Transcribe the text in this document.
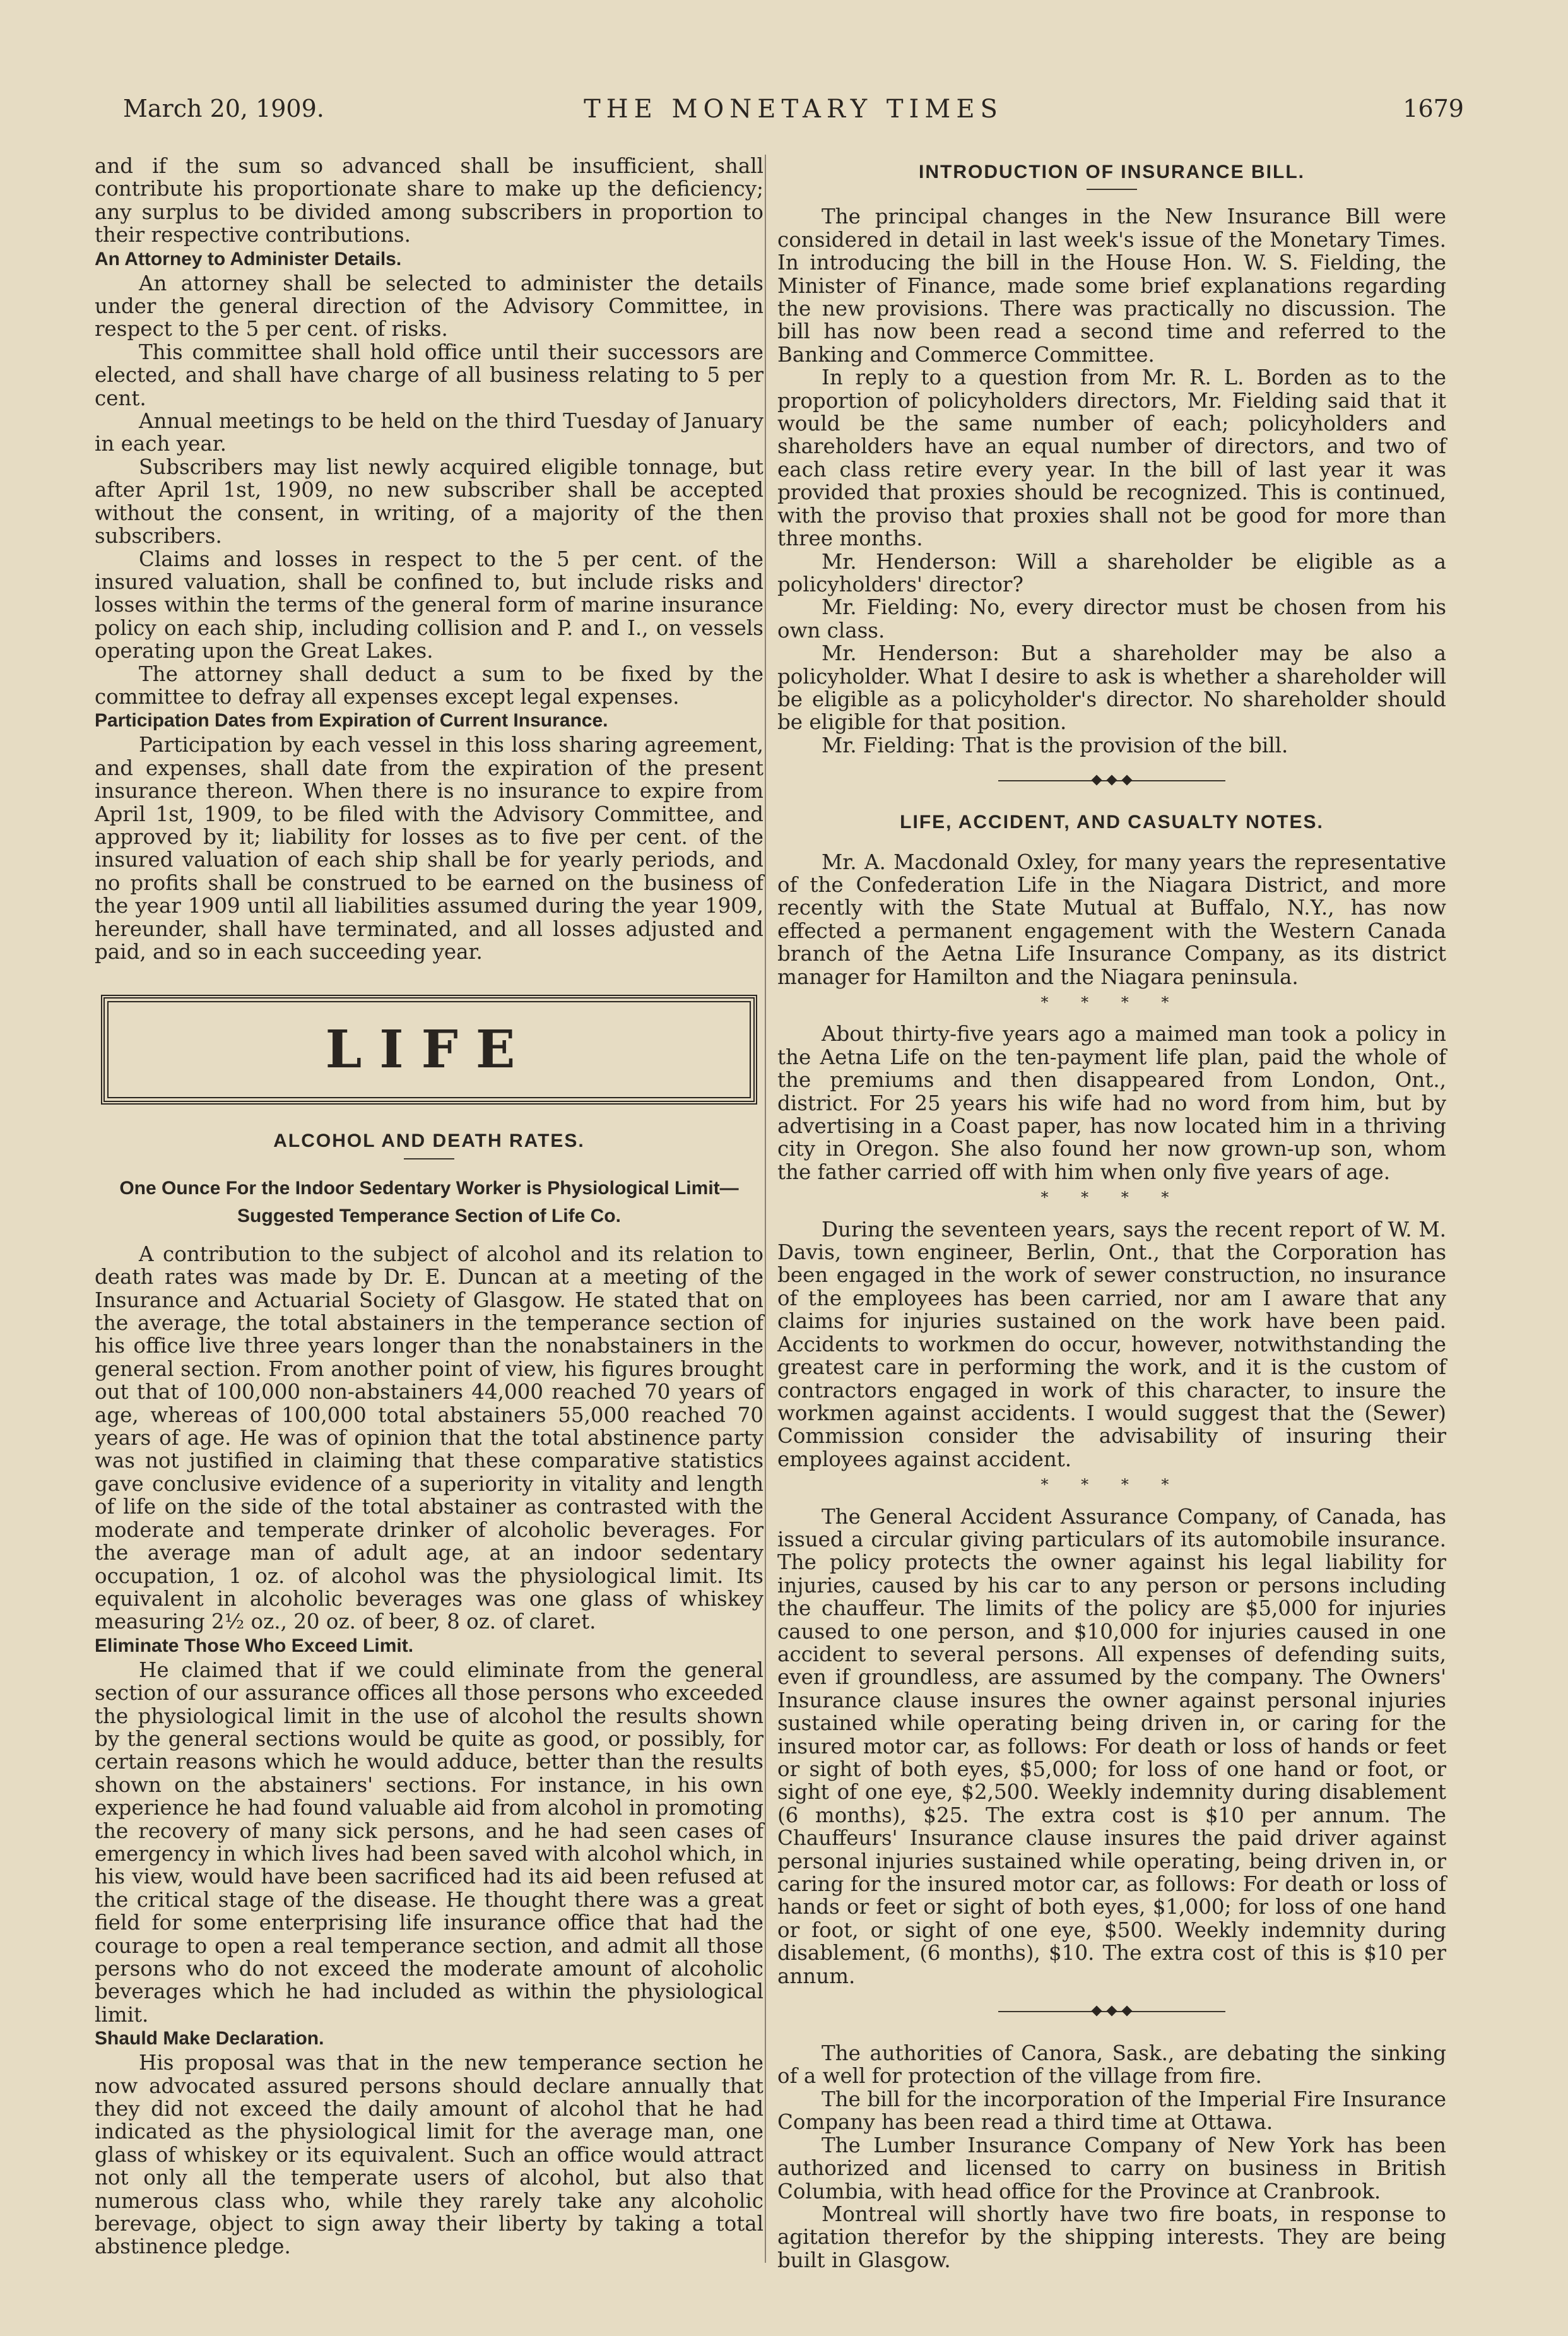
March 20, 1909.	THE MONETARY TIMES	1679

and if the sum so advanced shall be insufficient, shall contribute his proportionate share to make up the deficiency; any surplus to be divided among subscribers in proportion to their respective contributions.

An Attorney to Administer Details.

An attorney shall be selected to administer the details under the general direction of the Advisory Committee, in respect to the 5 per cent. of risks.

This committee shall hold office until their successors are elected, and shall have charge of all business relating to 5 per cent.

Annual meetings to be held on the third Tuesday of January in each year.

Subscribers may list newly acquired eligible tonnage, but after April 1st, 1909, no new subscriber shall be accepted without the consent, in writing, of a majority of the then subscribers.

Claims and losses in respect to the 5 per cent. of the insured valuation, shall be confined to, but include risks and losses within the terms of the general form of marine insurance policy on each ship, including collision and P. and I., on vessels operating upon the Great Lakes.

The attorney shall deduct a sum to be fixed by the committee to defray all expenses except legal expenses.

Participation Dates from Expiration of Current Insurance.

Participation by each vessel in this loss sharing agreement, and expenses, shall date from the expiration of the present insurance thereon. When there is no insurance to expire from April 1st, 1909, to be filed with the Advisory Committee, and approved by it; liability for losses as to five per cent. of the insured valuation of each ship shall be for yearly periods, and no profits shall be construed to be earned on the business of the year 1909 until all liabilities assumed during the year 1909, hereunder, shall have terminated, and all losses adjusted and paid, and so in each succeeding year.

LIFE
ALCOHOL AND DEATH RATES.
One Ounce For the Indoor Sedentary Worker is Physiological Limit—Suggested Temperance Section of Life Co.

A contribution to the subject of alcohol and its relation to death rates was made by Dr. E. Duncan at a meeting of the Insurance and Actuarial Society of Glasgow. He stated that on the average, the total abstainers in the temperance section of his office live three years longer than the nonabstainers in the general section. From another point of view, his figures brought out that of 100,000 non-abstainers 44,000 reached 70 years of age, whereas of 100,000 total abstainers 55,000 reached 70 years of age. He was of opinion that the total abstinence party was not justified in claiming that these comparative statistics gave conclusive evidence of a superiority in vitality and length of life on the side of the total abstainer as contrasted with the moderate and temperate drinker of alcoholic beverages. For the average man of adult age, at an indoor sedentary occupation, 1 oz. of alcohol was the physiological limit. Its equivalent in alcoholic beverages was one glass of whiskey measuring 2½ oz., 20 oz. of beer, 8 oz. of claret.

Eliminate Those Who Exceed Limit.

He claimed that if we could eliminate from the general section of our assurance offices all those persons who exceeded the physiological limit in the use of alcohol the results shown by the general sections would be quite as good, or possibly, for certain reasons which he would adduce, better than the results shown on the abstainers' sections. For instance, in his own experience he had found valuable aid from alcohol in promoting the recovery of many sick persons, and he had seen cases of emergency in which lives had been saved with alcohol which, in his view, would have been sacrificed had its aid been refused at the critical stage of the disease. He thought there was a great field for some enterprising life insurance office that had the courage to open a real temperance section, and admit all those persons who do not exceed the moderate amount of alcoholic beverages which he had included as within the physiological limit.

Shauld Make Declaration.

His proposal was that in the new temperance section he now advocated assured persons should declare annually that they did not exceed the daily amount of alcohol that he had indicated as the physiological limit for the average man, one glass of whiskey or its equivalent. Such an office would attract not only all the temperate users of alcohol, but also that numerous class who, while they rarely take any alcoholic berevage, object to sign away their liberty by taking a total abstinence pledge.

INTRODUCTION OF INSURANCE BILL.

The principal changes in the New Insurance Bill were considered in detail in last week's issue of the Monetary Times. In introducing the bill in the House Hon. W. S. Fielding, the Minister of Finance, made some brief explanations regarding the new provisions. There was practically no discussion. The bill has now been read a second time and referred to the Banking and Commerce Committee.

In reply to a question from Mr. R. L. Borden as to the proportion of policyholders directors, Mr. Fielding said that it would be the same number of each; policyholders and shareholders have an equal number of directors, and two of each class retire every year. In the bill of last year it was provided that proxies should be recognized. This is continued, with the proviso that proxies shall not be good for more than three months.

Mr. Henderson: Will a shareholder be eligible as a policyholders' director?

Mr. Fielding: No, every director must be chosen from his own class.

Mr. Henderson: But a shareholder may be also a policyholder. What I desire to ask is whether a shareholder will be eligible as a policyholder's director. No shareholder should be eligible for that position.

Mr. Fielding: That is the provision of the bill.

LIFE, ACCIDENT, AND CASUALTY NOTES.

Mr. A. Macdonald Oxley, for many years the representative of the Confederation Life in the Niagara District, and more recently with the State Mutual at Buffalo, N.Y., has now effected a permanent engagement with the Western Canada branch of the Aetna Life Insurance Company, as its district manager for Hamilton and the Niagara peninsula.

* * * *

About thirty-five years ago a maimed man took a policy in the Aetna Life on the ten-payment life plan, paid the whole of the premiums and then disappeared from London, Ont., district. For 25 years his wife had no word from him, but by advertising in a Coast paper, has now located him in a thriving city in Oregon. She also found her now grown-up son, whom the father carried off with him when only five years of age.

* * * *

During the seventeen years, says the recent report of W. M. Davis, town engineer, Berlin, Ont., that the Corporation has been engaged in the work of sewer construction, no insurance of the employees has been carried, nor am I aware that any claims for injuries sustained on the work have been paid. Accidents to workmen do occur, however, notwithstanding the greatest care in performing the work, and it is the custom of contractors engaged in work of this character, to insure the workmen against accidents. I would suggest that the (Sewer) Commission consider the advisability of insuring their employees against accident.

* * * *

The General Accident Assurance Company, of Canada, has issued a circular giving particulars of its automobile insurance. The policy protects the owner against his legal liability for injuries, caused by his car to any person or persons including the chauffeur. The limits of the policy are $5,000 for injuries caused to one person, and $10,000 for injuries caused in one accident to several persons. All expenses of defending suits, even if groundless, are assumed by the company. The Owners' Insurance clause insures the owner against personal injuries sustained while operating being driven in, or caring for the insured motor car, as follows: For death or loss of hands or feet or sight of both eyes, $5,000; for loss of one hand or foot, or sight of one eye, $2,500. Weekly indemnity during disablement (6 months), $25. The extra cost is $10 per annum. The Chauffeurs' Insurance clause insures the paid driver against personal injuries sustained while operating, being driven in, or caring for the insured motor car, as follows: For death or loss of hands or feet or sight of both eyes, $1,000; for loss of one hand or foot, or sight of one eye, $500. Weekly indemnity during disablement, (6 months), $10. The extra cost of this is $10 per annum.

The authorities of Canora, Sask., are debating the sinking of a well for protection of the village from fire.

The bill for the incorporation of the Imperial Fire Insurance Company has been read a third time at Ottawa.

The Lumber Insurance Company of New York has been authorized and licensed to carry on business in British Columbia, with head office for the Province at Cranbrook.

Montreal will shortly have two fire boats, in response to agitation therefor by the shipping interests. They are being built in Glasgow.
